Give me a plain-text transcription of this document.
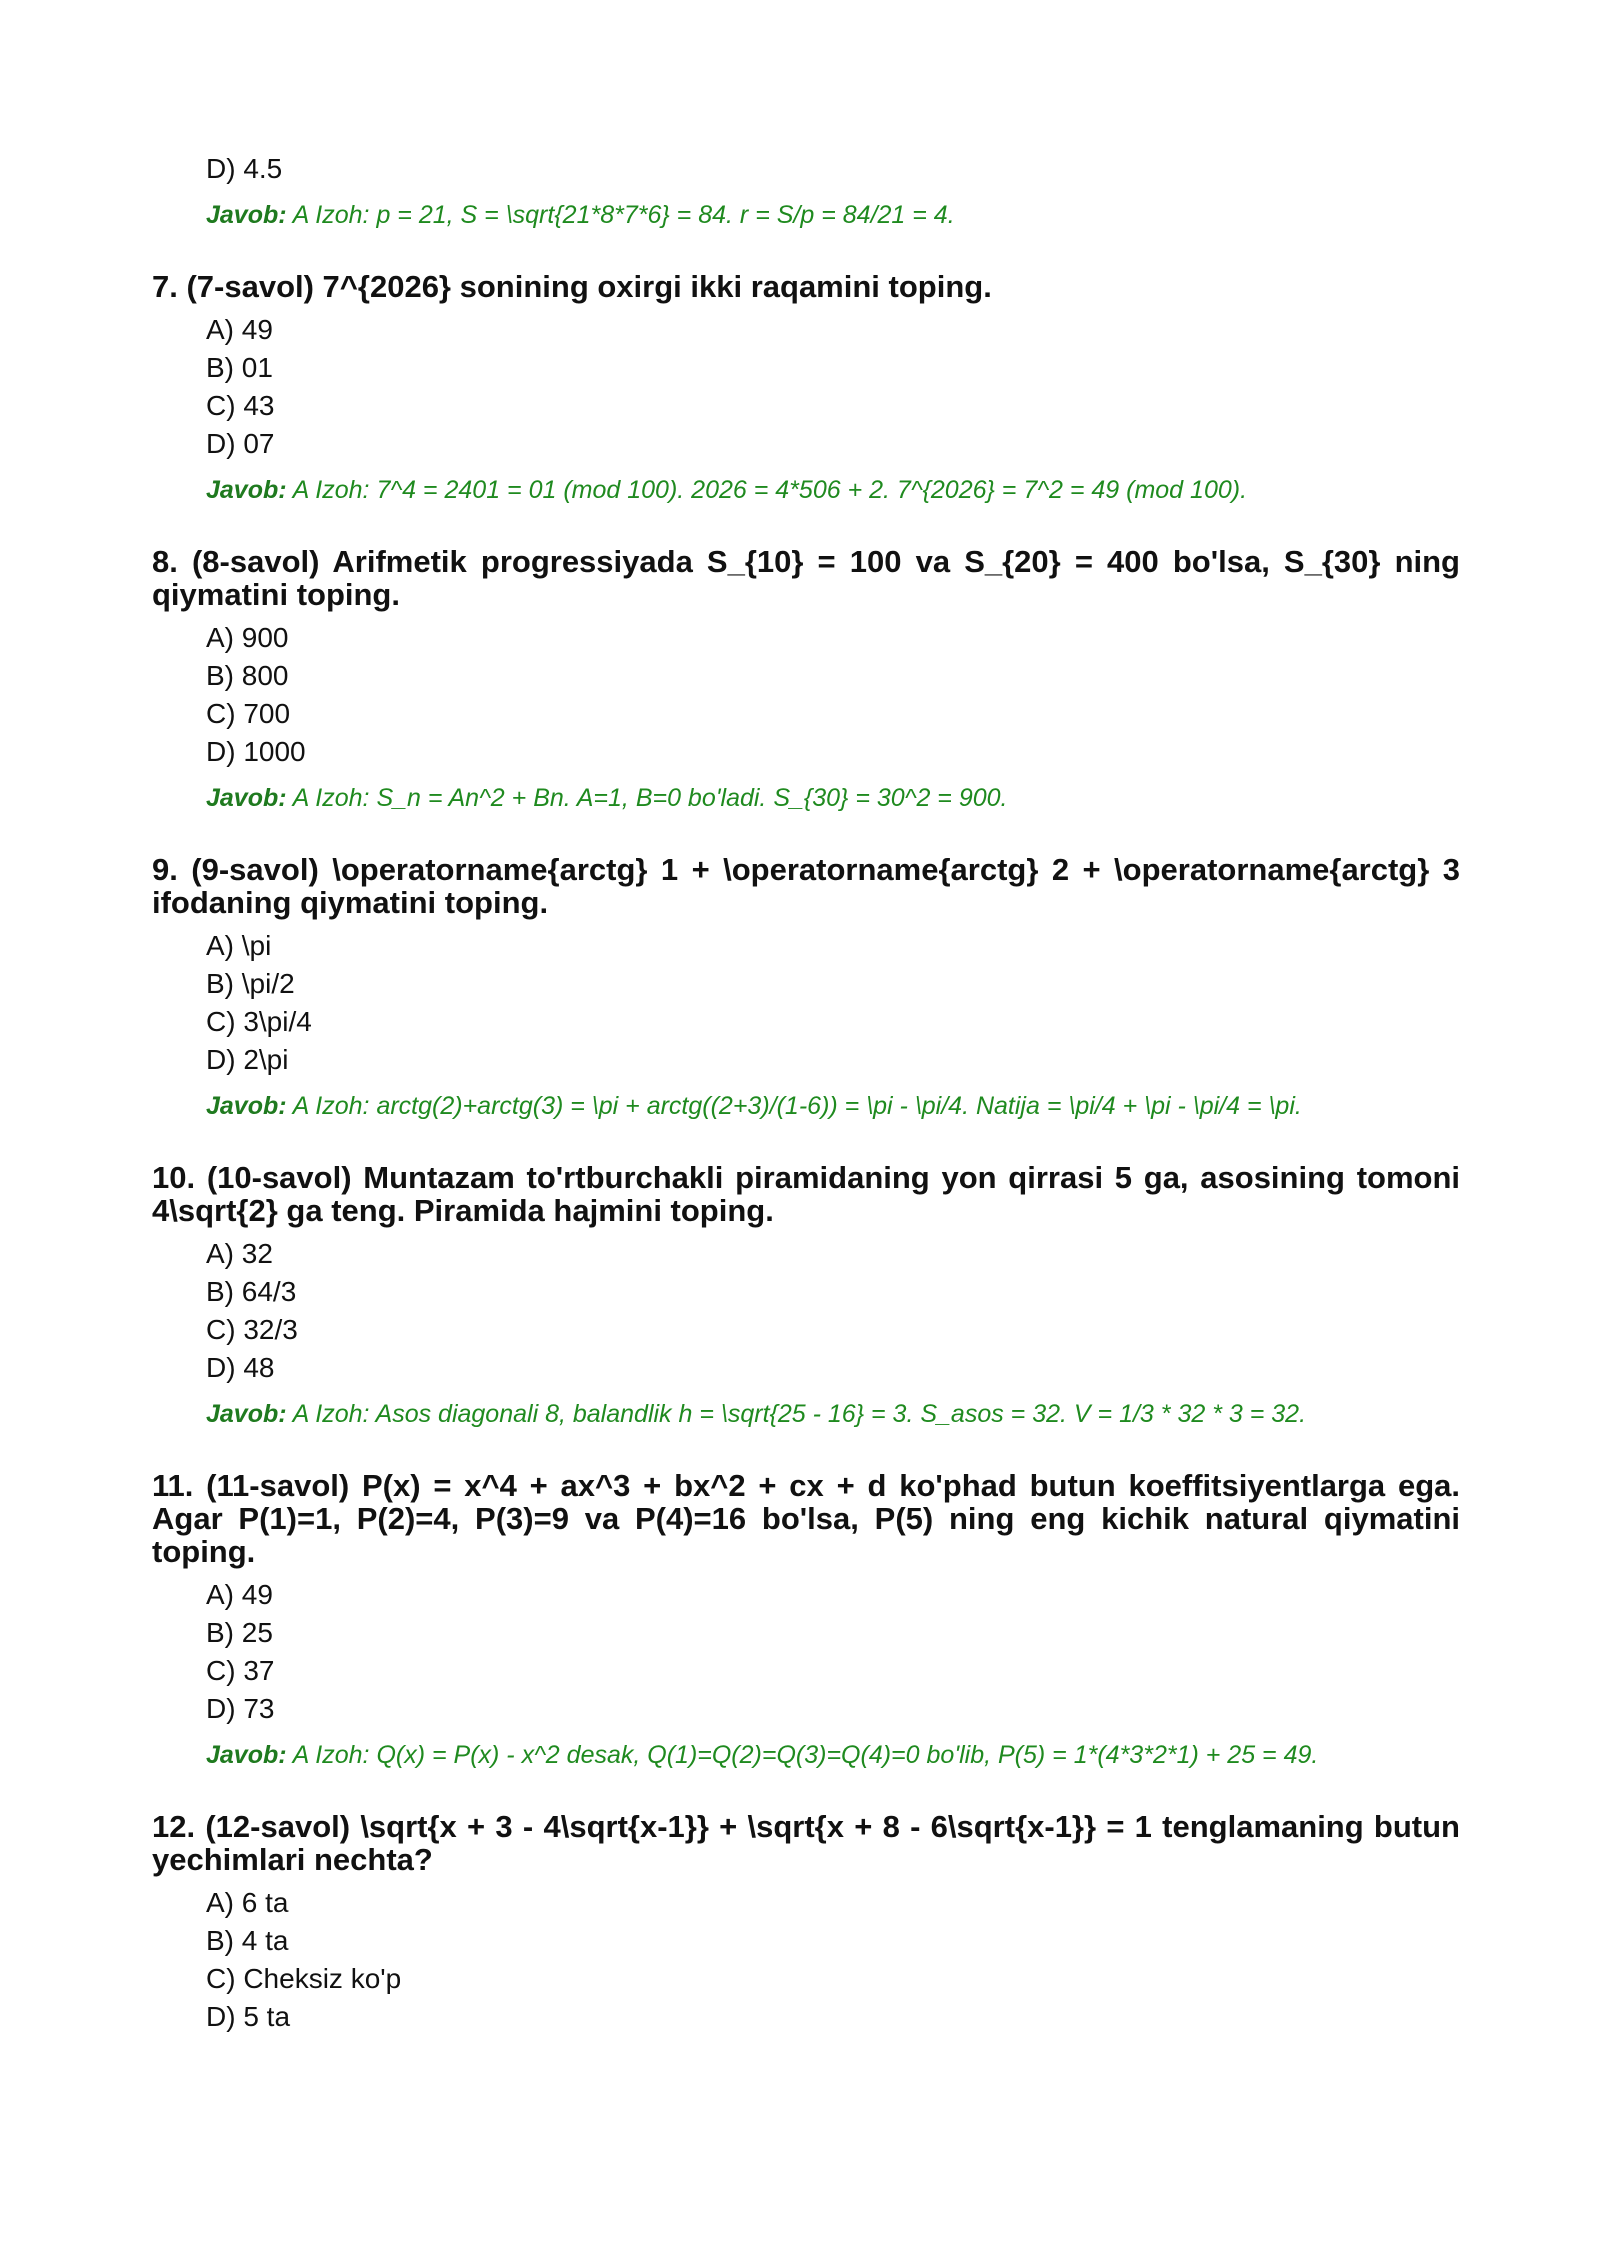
D) 4.5
Javob: A Izoh: p = 21, S = \sqrt{21*8*7*6} = 84. r = S/p = 84/21 = 4.
7. (7-savol) 7^{2026} sonining oxirgi ikki raqamini toping.
A) 49
B) 01
C) 43
D) 07
Javob: A Izoh: 7^4 = 2401 = 01 (mod 100). 2026 = 4*506 + 2. 7^{2026} = 7^2 = 49 (mod 100).
8. (8-savol) Arifmetik progressiyada S_{10} = 100 va S_{20} = 400 bo'lsa, S_{30} ning qiymatini toping.
A) 900
B) 800
C) 700
D) 1000
Javob: A Izoh: S_n = An^2 + Bn. A=1, B=0 bo'ladi. S_{30} = 30^2 = 900.
9. (9-savol) \operatorname{arctg} 1 + \operatorname{arctg} 2 + \operatorname{arctg} 3 ifodaning qiymatini toping.
A) \pi
B) \pi/2
C) 3\pi/4
D) 2\pi
Javob: A Izoh: arctg(2)+arctg(3) = \pi + arctg((2+3)/(1-6)) = \pi - \pi/4. Natija = \pi/4 + \pi - \pi/4 = \pi.
10. (10-savol) Muntazam to'rtburchakli piramidaning yon qirrasi 5 ga, asosining tomoni 4\sqrt{2} ga teng. Piramida hajmini toping.
A) 32
B) 64/3
C) 32/3
D) 48
Javob: A Izoh: Asos diagonali 8, balandlik h = \sqrt{25 - 16} = 3. S_asos = 32. V = 1/3 * 32 * 3 = 32.
11. (11-savol) P(x) = x^4 + ax^3 + bx^2 + cx + d ko'phad butun koeffitsiyentlarga ega. Agar P(1)=1, P(2)=4, P(3)=9 va P(4)=16 bo'lsa, P(5) ning eng kichik natural qiymatini toping.
A) 49
B) 25
C) 37
D) 73
Javob: A Izoh: Q(x) = P(x) - x^2 desak, Q(1)=Q(2)=Q(3)=Q(4)=0 bo'lib, P(5) = 1*(4*3*2*1) + 25 = 49.
12. (12-savol) \sqrt{x + 3 - 4\sqrt{x-1}} + \sqrt{x + 8 - 6\sqrt{x-1}} = 1 tenglamaning butun yechimlari nechta?
A) 6 ta
B) 4 ta
C) Cheksiz ko'p
D) 5 ta
